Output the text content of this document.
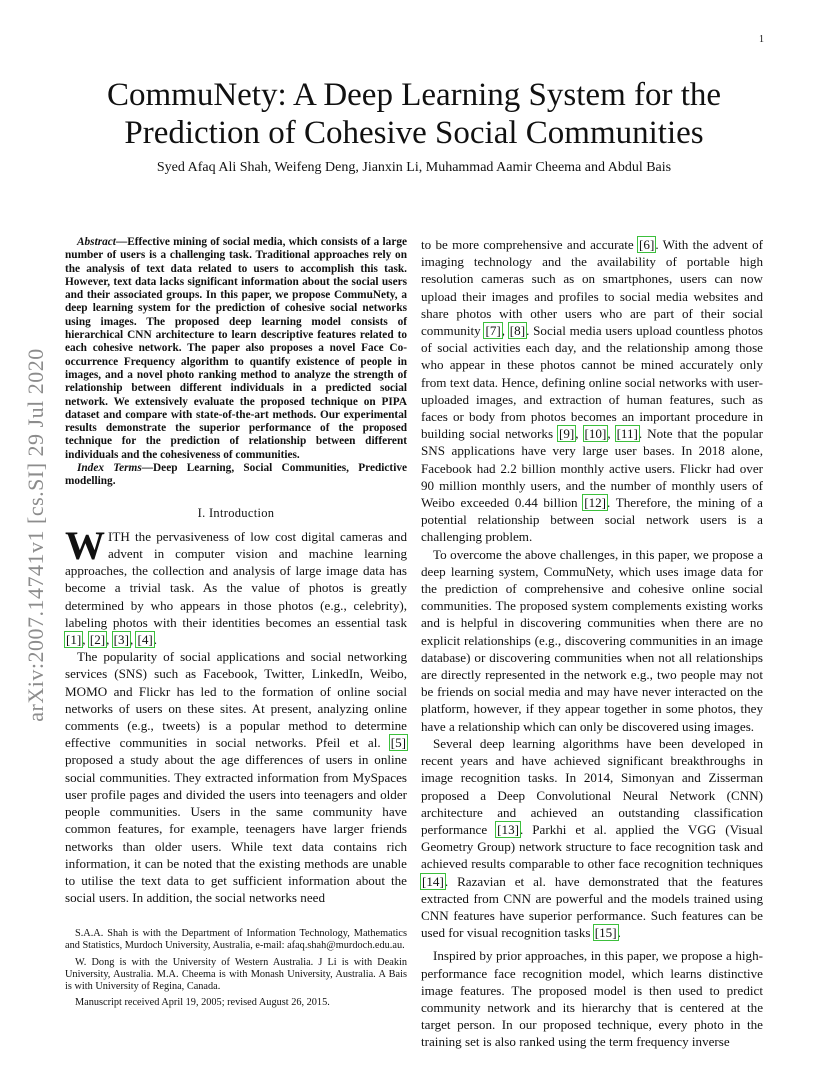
1
arXiv:2007.14741v1 [cs.SI] 29 Jul 2020
CommuNety: A Deep Learning System for the
Prediction of Cohesive Social Communities
Syed Afaq Ali Shah, Weifeng Deng, Jianxin Li, Muhammad Aamir Cheema and Abdul Bais

Abstract—Effective mining of social media, which consists of a large number of users is a challenging task. Traditional approaches rely on the analysis of text data related to users to accomplish this task. However, text data lacks significant information about the social users and their associated groups. In this paper, we propose CommuNety, a deep learning system for the prediction of cohesive social networks using images. The proposed deep learning model consists of hierarchical CNN architecture to learn descriptive features related to each cohesive network. The paper also proposes a novel Face Co-occurrence Frequency algorithm to quantify existence of people in images, and a novel photo ranking method to analyze the strength of relationship between different individuals in a predicted social network. We extensively evaluate the proposed technique on PIPA dataset and compare with state-of-the-art methods. Our experimental results demonstrate the superior performance of the proposed technique for the prediction of relationship between different individuals and the cohesiveness of communities.

Index Terms—Deep Learning, Social Communities, Predictive modelling.

I. Introduction

WITH the pervasiveness of low cost digital cameras and advent in computer vision and machine learning approaches, the collection and analysis of large image data has become a trivial task. As the value of photos is greatly determined by who appears in those photos (e.g., celebrity), labeling photos with their identities becomes an essential task [1], [2], [3], [4].

The popularity of social applications and social networking services (SNS) such as Facebook, Twitter, LinkedIn, Weibo, MOMO and Flickr has led to the formation of online social networks of users on these sites. At present, analyzing online comments (e.g., tweets) is a popular method to determine effective communities in social networks. Pfeil et al. [5] proposed a study about the age differences of users in online social communities. They extracted information from MySpaces user profile pages and divided the users into teenagers and older people communities. Users in the same community have common features, for example, teenagers have larger friends networks than older users. While text data contains rich information, it can be noted that the existing methods are unable to utilise the text data to get sufficient information about the social users. In addition, the social networks need

S.A.A. Shah is with the Department of Information Technology, Mathematics and Statistics, Murdoch University, Australia, e-mail: afaq.shah@murdoch.edu.au.

W. Dong is with the University of Western Australia. J Li is with Deakin University, Australia. M.A. Cheema is with Monash University, Australia. A Bais is with University of Regina, Canada.

Manuscript received April 19, 2005; revised August 26, 2015.

to be more comprehensive and accurate [6]. With the advent of imaging technology and the availability of portable high resolution cameras such as on smartphones, users can now upload their images and profiles to social media websites and share photos with other users who are part of their social community [7], [8]. Social media users upload countless photos of social activities each day, and the relationship among those who appear in these photos cannot be mined accurately only from text data. Hence, defining online social networks with user-uploaded images, and extraction of human features, such as faces or body from photos becomes an important procedure in building social networks [9], [10], [11]. Note that the popular SNS applications have very large user bases. In 2018 alone, Facebook had 2.2 billion monthly active users. Flickr had over 90 million monthly users, and the number of monthly users of Weibo exceeded 0.44 billion [12]. Therefore, the mining of a potential relationship between social network users is a challenging problem.

To overcome the above challenges, in this paper, we propose a deep learning system, CommuNety, which uses image data for the prediction of comprehensive and cohesive online social communities. The proposed system complements existing works and is helpful in discovering communities when there are no explicit relationships (e.g., discovering communities in an image database) or discovering communities when not all relationships are directly represented in the network e.g., two people may not be friends on social media and may have never interacted on the platform, however, if they appear together in some photos, they have a relationship which can only be discovered using images.

Several deep learning algorithms have been developed in recent years and have achieved significant breakthroughs in image recognition tasks. In 2014, Simonyan and Zisserman proposed a Deep Convolutional Neural Network (CNN) architecture and achieved an outstanding classification performance [13]. Parkhi et al. applied the VGG (Visual Geometry Group) network structure to face recognition task and achieved results comparable to other face recognition techniques [14]. Razavian et al. have demonstrated that the features extracted from CNN are powerful and the models trained using CNN features have superior performance. Such features can be used for visual recognition tasks [15].

Inspired by prior approaches, in this paper, we propose a high-performance face recognition model, which learns distinctive image features. The proposed model is then used to predict community network and its hierarchy that is centered at the target person. In our proposed technique, every photo in the training set is also ranked using the term frequency inverse
